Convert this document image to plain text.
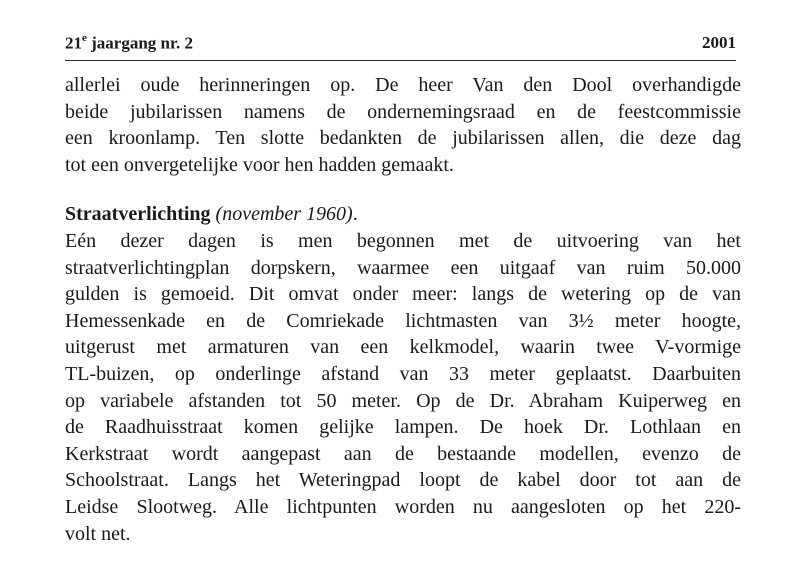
21e jaargang nr. 2	2001
allerlei oude herinneringen op. De heer Van den Dool overhandigde
beide jubilarissen namens de ondernemingsraad en de feestcommissie
een kroonlamp. Ten slotte bedankten de jubilarissen allen, die deze dag
tot een onvergetelijke voor hen hadden gemaakt.
Straatverlichting (november 1960).
Eén dezer dagen is men begonnen met de uitvoering van het
straatverlichtingplan dorpskern, waarmee een uitgaaf van ruim 50.000
gulden is gemoeid. Dit omvat onder meer: langs de wetering op de van
Hemessenkade en de Comriekade lichtmasten van 3½ meter hoogte,
uitgerust met armaturen van een kelkmodel, waarin twee V-vormige
TL-buizen, op onderlinge afstand van 33 meter geplaatst. Daarbuiten
op variabele afstanden tot 50 meter. Op de Dr. Abraham Kuiperweg en
de Raadhuisstraat komen gelijke lampen. De hoek Dr. Lothlaan en
Kerkstraat wordt aangepast aan de bestaande modellen, evenzo de
Schoolstraat. Langs het Weteringpad loopt de kabel door tot aan de
Leidse Slootweg. Alle lichtpunten worden nu aangesloten op het 220-
volt net.
